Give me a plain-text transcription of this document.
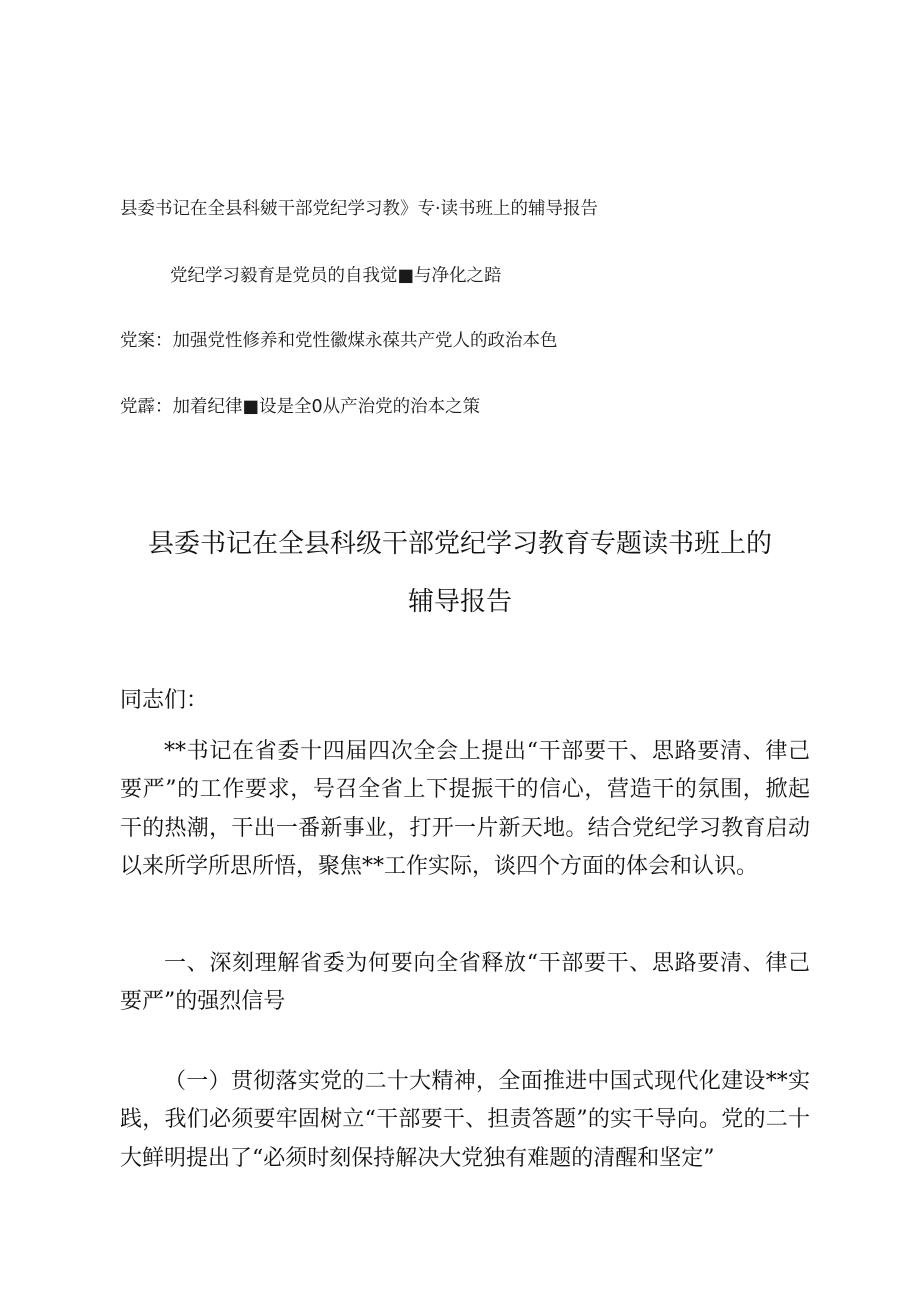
县委书记在全县科皴干部党纪学习教》专·读书班上的辅导报告
党纪学习毅育是党员的自我觉■与净化之踣
党案：加强党性修养和党性徽煤永葆共产党人的政治本色
党霹：加着纪律■设是全0从产治党的治本之策
县委书记在全县科级干部党纪学习教育专题读书班上的
辅导报告
同志们：

**书记在省委十四届四次全会上提出“干部要干、思路要清、律己要严”的工作要求，号召全省上下提振干的信心，营造干的氛围，掀起干的热潮，干出一番新事业，打开一片新天地。结合党纪学习教育启动以来所学所思所悟，聚焦**工作实际，谈四个方面的体会和认识。

一、深刻理解省委为何要向全省释放“干部要干、思路要清、律己要严”的强烈信号

（一）贯彻落实党的二十大精神，全面推进中国式现代化建设**实践，我们必须要牢固树立“干部要干、担责答题”的实干导向。党的二十大鲜明提出了“必须时刻保持解决大党独有难题的清醒和坚定”
